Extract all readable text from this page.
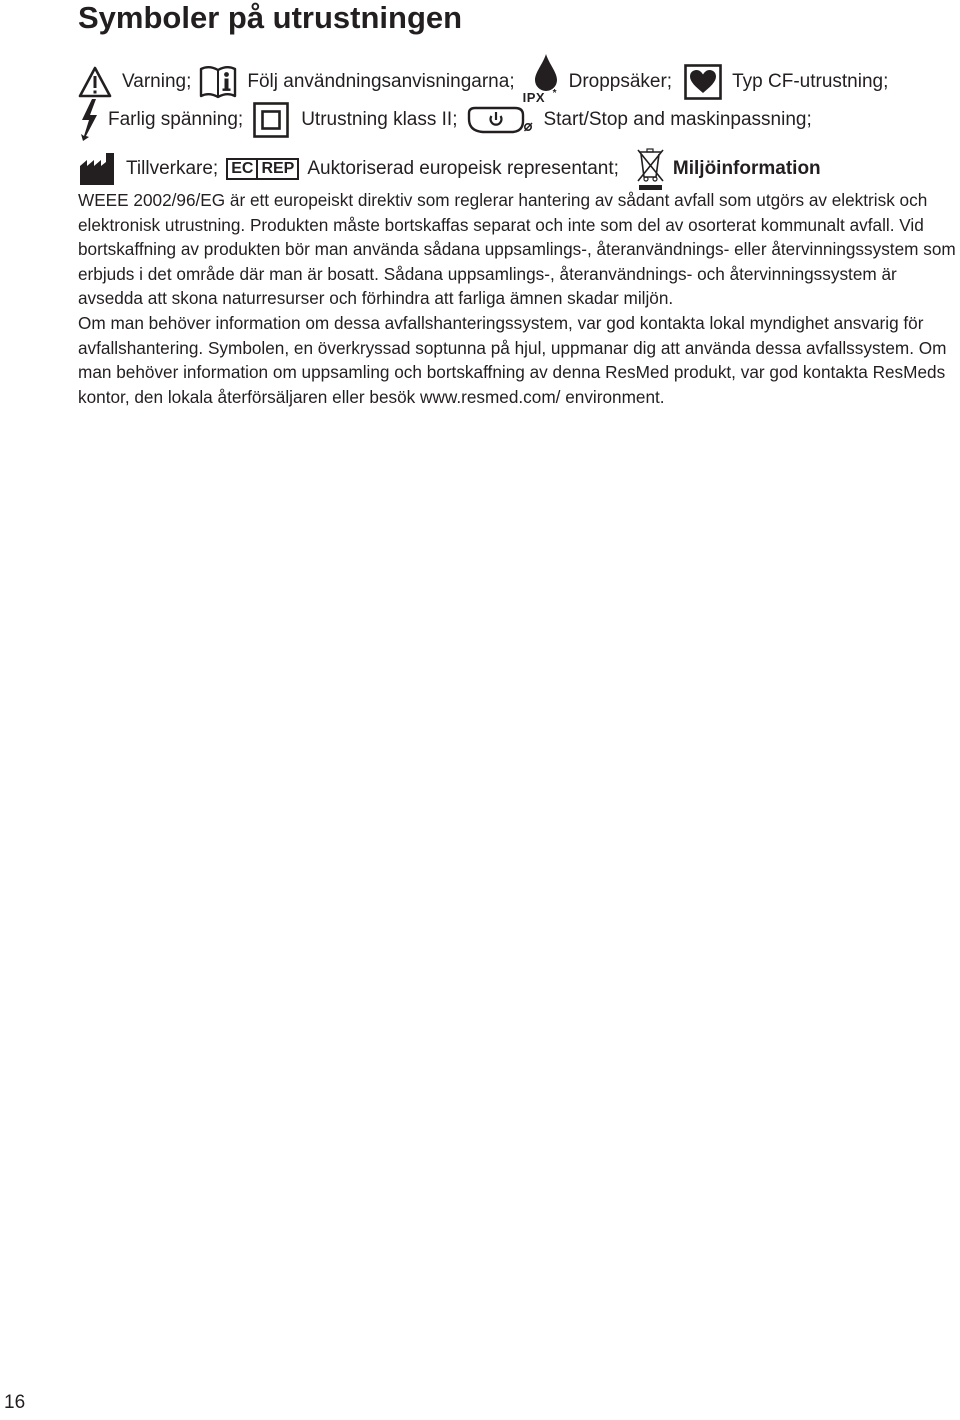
Symboler på utrustningen
Varning;	Följ användningsanvisningarna;
IPX *
Droppsäker;	Typ CF-utrustning;
Farlig spänning;	Utrustning klass II;	Start/Stop and maskinpassning;
Tillverkare; EC REP Auktoriserad europeisk representant;	Miljöinformation

WEEE 2002/96/EG är ett europeiskt direktiv som reglerar hantering av sådant avfall som utgörs av elektrisk och elektronisk utrustning. Produkten måste bortskaffas separat och inte som del av osorterat kommunalt avfall. Vid bortskaffning av produkten bör man använda sådana uppsamlings-, återanvändnings- eller återvinningssystem som erbjuds i det område där man är bosatt. Sådana uppsamlings-, återanvändnings- och återvinningssystem är avsedda att skona naturresurser och förhindra att farliga ämnen skadar miljön.

Om man behöver information om dessa avfallshanteringssystem, var god kontakta lokal myndighet ansvarig för avfallshantering. Symbolen, en överkryssad soptunna på hjul, uppmanar dig att använda dessa avfallssystem. Om man behöver information om uppsamling och bortskaffning av denna ResMed produkt, var god kontakta ResMeds kontor, den lokala återförsäljaren eller besök www.resmed.com/ environment.

16
